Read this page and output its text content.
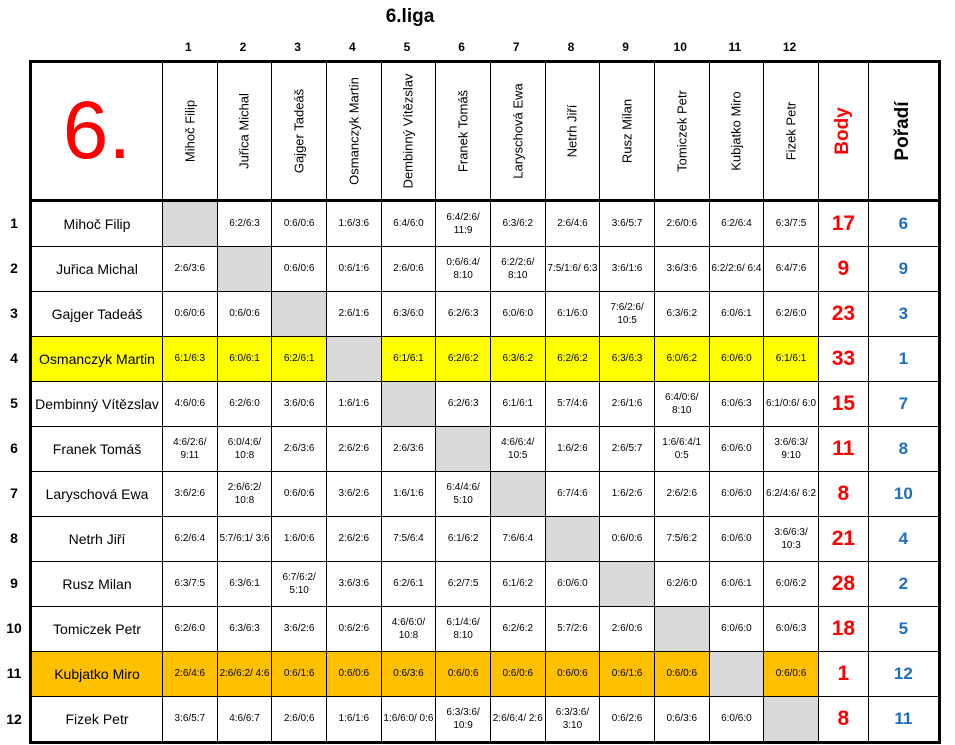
6.liga
1	2	3	4	5	6	7	8	9	10	11	12
1
2
3
4
5
6
7
8
9
10
11
12
6.	Mihoč Filip	Juřica Michal	Gajger Tadeáš	Osmanczyk Martin	Dembinný Vítězslav	Franek Tomáš	Laryschová Ewa	Netrh Jiří	Rusz Milan	Tomiczek Petr	Kubjatko Miro	Fizek Petr	Body	Pořadí

Mihoč Filip		6:2/6:3	0:6/0:6	1:6/3:6	6:4/6:0	6:4/2:6/ 11:9	6:3/6:2	2:6/4:6	3:6/5:7	2:6/0:6	6:2/6:4	6:3/7:5	17	6
Juřica Michal	2:6/3:6		0:6/0:6	0:6/1:6	2:6/0:6	0:6/6:4/ 8:10	6:2/2:6/ 8:10	7:5/1:6/ 6:3	3:6/1:6	3:6/3:6	6:2/2:6/ 6:4	6:4/7:6	9	9
Gajger Tadeáš	0:6/0:6	0:6/0:6		2:6/1:6	6:3/6:0	6:2/6:3	6:0/6:0	6:1/6:0	7:6/2:6/ 10:5	6:3/6:2	6:0/6:1	6:2/6:0	23	3
Osmanczyk Martin	6:1/6:3	6:0/6:1	6:2/6:1		6:1/6:1	6:2/6:2	6:3/6:2	6:2/6:2	6:3/6:3	6:0/6:2	6:0/6:0	6:1/6:1	33	1
Dembinný Vítězslav	4:6/0:6	6:2/6:0	3:6/0:6	1:6/1:6		6:2/6:3	6:1/6:1	5:7/4:6	2:6/1:6	6:4/0:6/ 8:10	6:0/6:3	6:1/0:6/ 6:0	15	7
Franek Tomáš	4:6/2:6/ 9:11	6:0/4:6/ 10:8	2:6/3:6	2:6/2:6	2:6/3:6		4:6/6:4/ 10:5	1:6/2:6	2:6/5:7	1:6/6:4/1 0:5	6:0/6:0	3:6/6:3/ 9:10	11	8
Laryschová Ewa	3:6/2:6	2:6/6:2/ 10:8	0:6/0:6	3:6/2:6	1:6/1:6	6:4/4:6/ 5:10		6:7/4:6	1:6/2:6	2:6/2:6	6:0/6:0	6:2/4:6/ 6:2	8	10
Netrh Jiří	6:2/6:4	5:7/6:1/ 3:6	1:6/0:6	2:6/2:6	7:5/6:4	6:1/6:2	7:6/6:4		0:6/0:6	7:5/6:2	6:0/6:0	3:6/6:3/ 10:3	21	4
Rusz Milan	6:3/7:5	6:3/6:1	6:7/6:2/ 5:10	3:6/3:6	6:2/6:1	6:2/7:5	6:1/6:2	6:0/6:0		6:2/6:0	6:0/6:1	6:0/6:2	28	2
Tomiczek Petr	6:2/6:0	6:3/6:3	3:6/2:6	0:6/2:6	4:6/6:0/ 10:8	6:1/4:6/ 8:10	6:2/6:2	5:7/2:6	2:6/0:6		6:0/6:0	6:0/6:3	18	5
Kubjatko Miro	2:6/4:6	2:6/6:2/ 4:6	0:6/1:6	0:6/0:6	0:6/3:6	0:6/0:6	0:6/0:6	0:6/0:6	0:6/1:6	0:6/0:6		0:6/0:6	1	12
Fizek Petr	3:6/5:7	4:6/6:7	2:6/0:6	1:6/1:6	1:6/6:0/ 0:6	6:3/3:6/ 10:9	2:6/6:4/ 2:6	6:3/3:6/ 3:10	0:6/2:6	0:6/3:6	6:0/6:0		8	11
